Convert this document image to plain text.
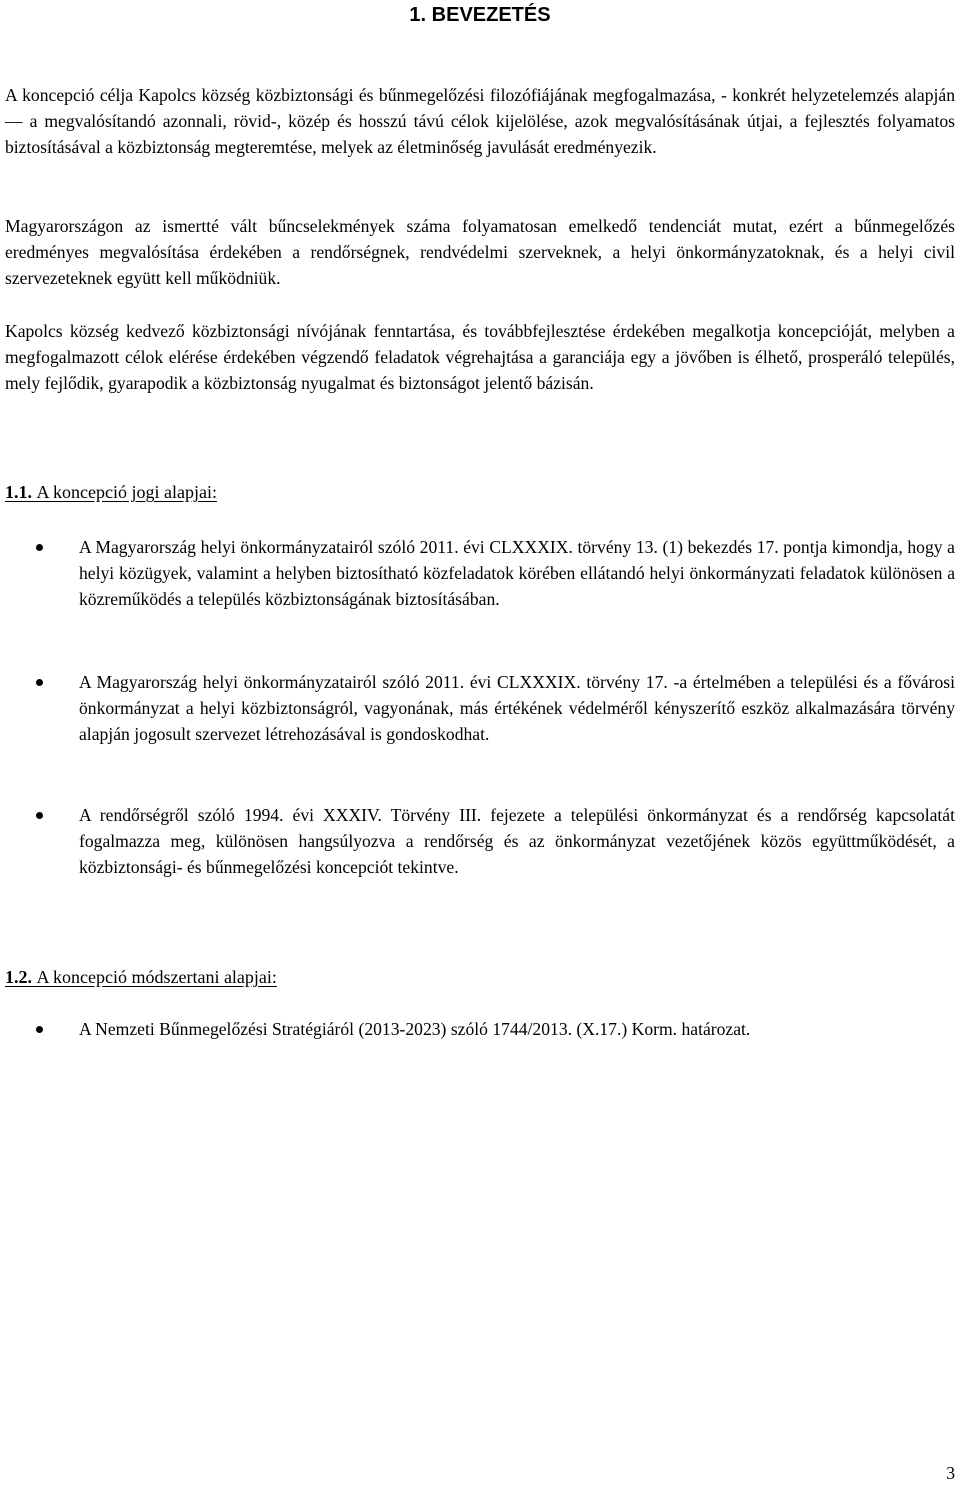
1. BEVEZETÉS

A koncepció célja Kapolcs község közbiztonsági és bűnmegelőzési filozófiájának megfogalmazása, - konkrét helyzetelemzés alapján — a megvalósítandó azonnali, rövid-, közép és hosszú távú célok kijelölése, azok megvalósításának útjai, a fejlesztés folyamatos biztosításával a közbiztonság megteremtése, melyek az életminőség javulását eredményezik.

Magyarországon az ismertté vált bűncselekmények száma folyamatosan emelkedő tendenciát mutat, ezért a bűnmegelőzés eredményes megvalósítása érdekében a rendőrségnek, rendvédelmi szerveknek, a helyi önkormányzatoknak, és a helyi civil szervezeteknek együtt kell működniük.

Kapolcs község kedvező közbiztonsági nívójának fenntartása, és továbbfejlesztése érdekében megalkotja koncepcióját, melyben a megfogalmazott célok elérése érdekében végzendő feladatok végrehajtása a garanciája egy a jövőben is élhető, prosperáló település, mely fejlődik, gyarapodik a közbiztonság nyugalmat és biztonságot jelentő bázisán.

1.1. A koncepció jogi alapjai:

A Magyarország helyi önkormányzatairól szóló 2011. évi CLXXXIX. törvény 13. (1) bekezdés 17. pontja kimondja, hogy a helyi közügyek, valamint a helyben biztosítható közfeladatok körében ellátandó helyi önkormányzati feladatok különösen a közreműködés a település közbiztonságának biztosításában.

A Magyarország helyi önkormányzatairól szóló 2011. évi CLXXXIX. törvény 17. -a értelmében a települési és a fővárosi önkormányzat a helyi közbiztonságról, vagyonának, más értékének védelméről kényszerítő eszköz alkalmazására törvény alapján jogosult szervezet létrehozásával is gondoskodhat.

A rendőrségről szóló 1994. évi XXXIV. Törvény III. fejezete a települési önkormányzat és a rendőrség kapcsolatát fogalmazza meg, különösen hangsúlyozva a rendőrség és az önkormányzat vezetőjének közös együttműködését, a közbiztonsági- és bűnmegelőzési koncepciót tekintve.

1.2. A koncepció módszertani alapjai:

A Nemzeti Bűnmegelőzési Stratégiáról (2013-2023) szóló 1744/2013. (X.17.) Korm. határozat.

3
